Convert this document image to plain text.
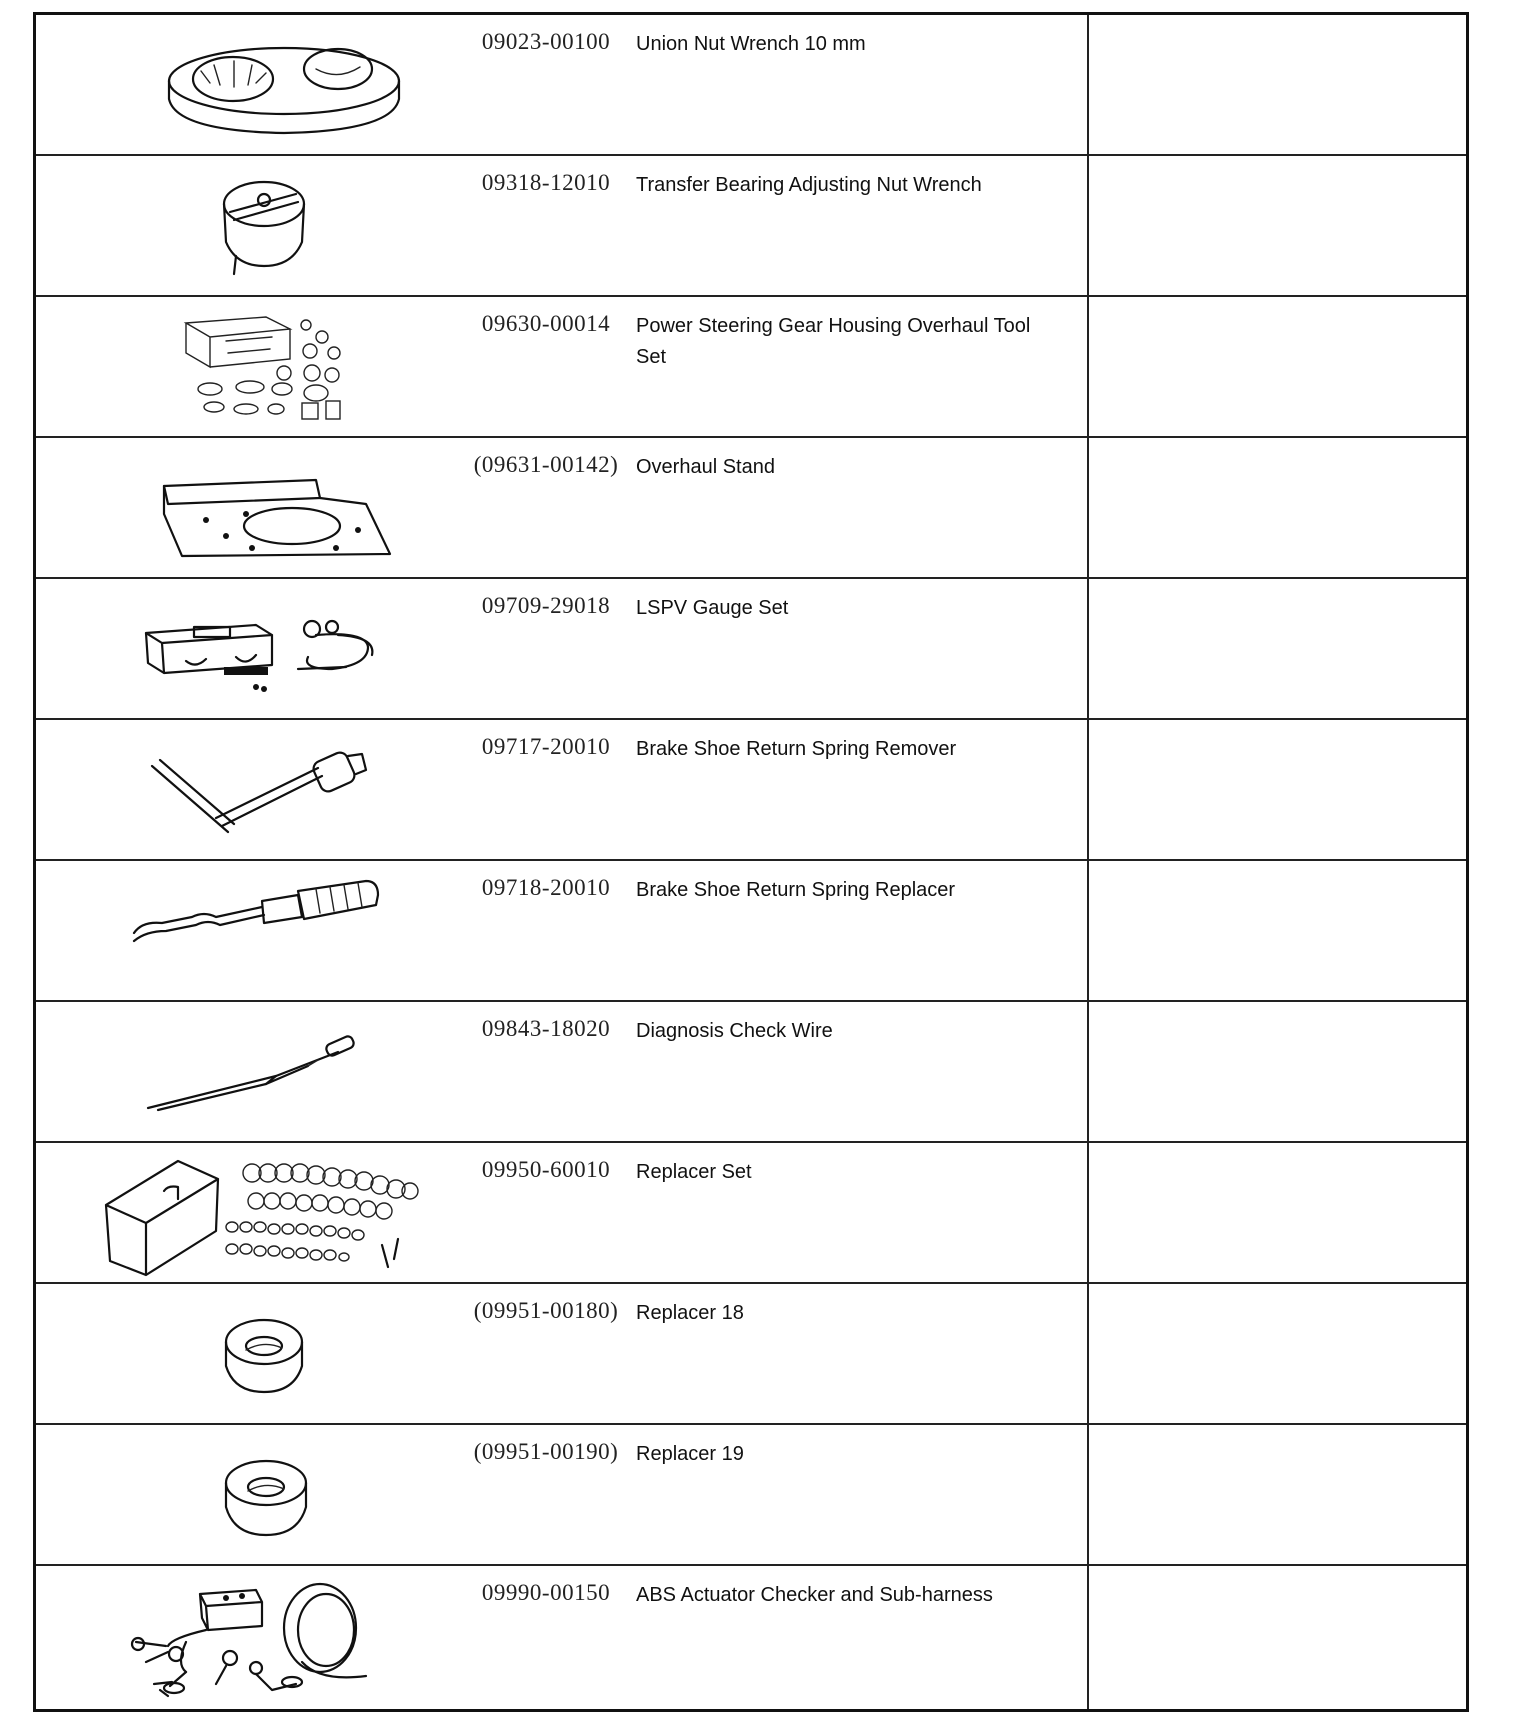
09023-00100	Union Nut Wrench 10 mm
09318-12010	Transfer Bearing Adjusting Nut Wrench
09630-00014	Power Steering Gear Housing Overhaul Tool Set
(09631-00142) Overhaul Stand
09709-29018	LSPV Gauge Set
09717-20010	Brake Shoe Return Spring Remover
09718-20010	Brake Shoe Return Spring Replacer
09843-18020	Diagnosis Check Wire
09950-60010	Replacer Set
(09951-00180) Replacer 18
(09951-00190) Replacer 19
09990-00150	ABS Actuator Checker and Sub-harness
